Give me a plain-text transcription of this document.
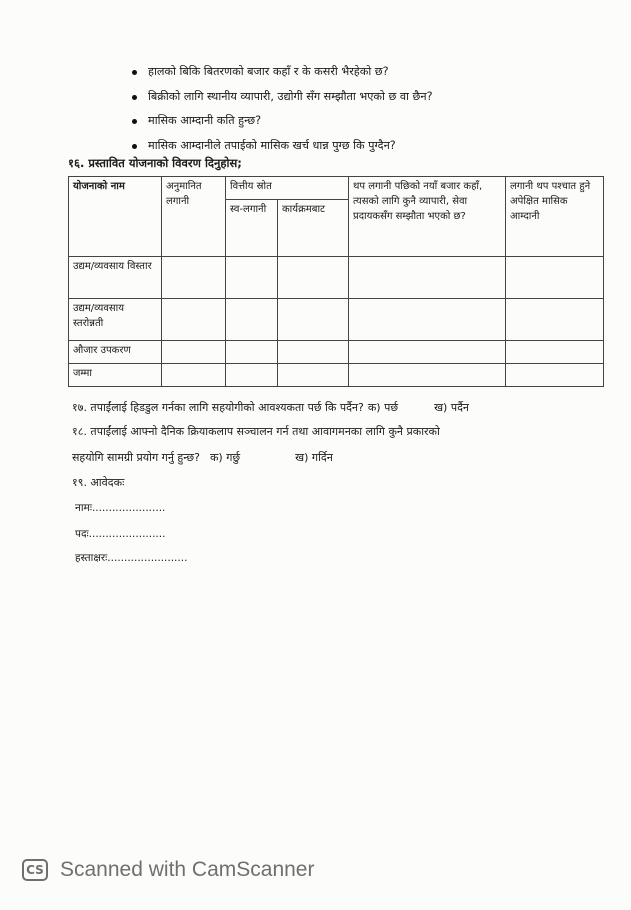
हालको बिकि बितरणको बजार कहाँ र के कसरी भैरहेको छ?
बिक्रीको लागि स्थानीय व्यापारी, उद्योगी सँग सम्झौता भएको छ वा छैन?
मासिक आम्दानी कति हुन्छ?
मासिक आम्दानीले तपाईको मासिक खर्च धान्न पुग्छ कि पुग्दैन?
१६. प्रस्तावित योजनाको विवरण दिनुहोस;
योजनाको नाम	अनुमानित लगानी	वित्तीय स्रोत		थप लगानी पछिको नयाँ बजार कहाँ, त्यसको लागि कुनै व्यापारी, सेवा प्रदायकसँग सम्झौता भएको छ?	लगानी थप पश्चात हुने अपेक्षित मासिक आम्दानी
		स्व-लगानी	कार्यक्रमबाट		
उद्यम/व्यवसाय विस्तार					
उद्यम/व्यवसाय स्तरोन्नती					
औजार उपकरण					
जम्मा					
१७. तपाईंलाई हिडडुल गर्नका लागि सहयोगीको आवश्यकता पर्छ कि पर्दैन? क) पर्छ	ख) पर्दैन
१८. तपाईंलाई आफ्नो दैनिक क्रियाकलाप सञ्चालन गर्न तथा आवागमनका लागि कुनै प्रकारको
सहयोगि सामग्री प्रयोग गर्नु हुन्छ? क) गर्छु	ख) गर्दिन
१९. आवेदकः
नामः......................
पदः.......................
हस्ताक्षरः........................
CS Scanned with CamScanner
